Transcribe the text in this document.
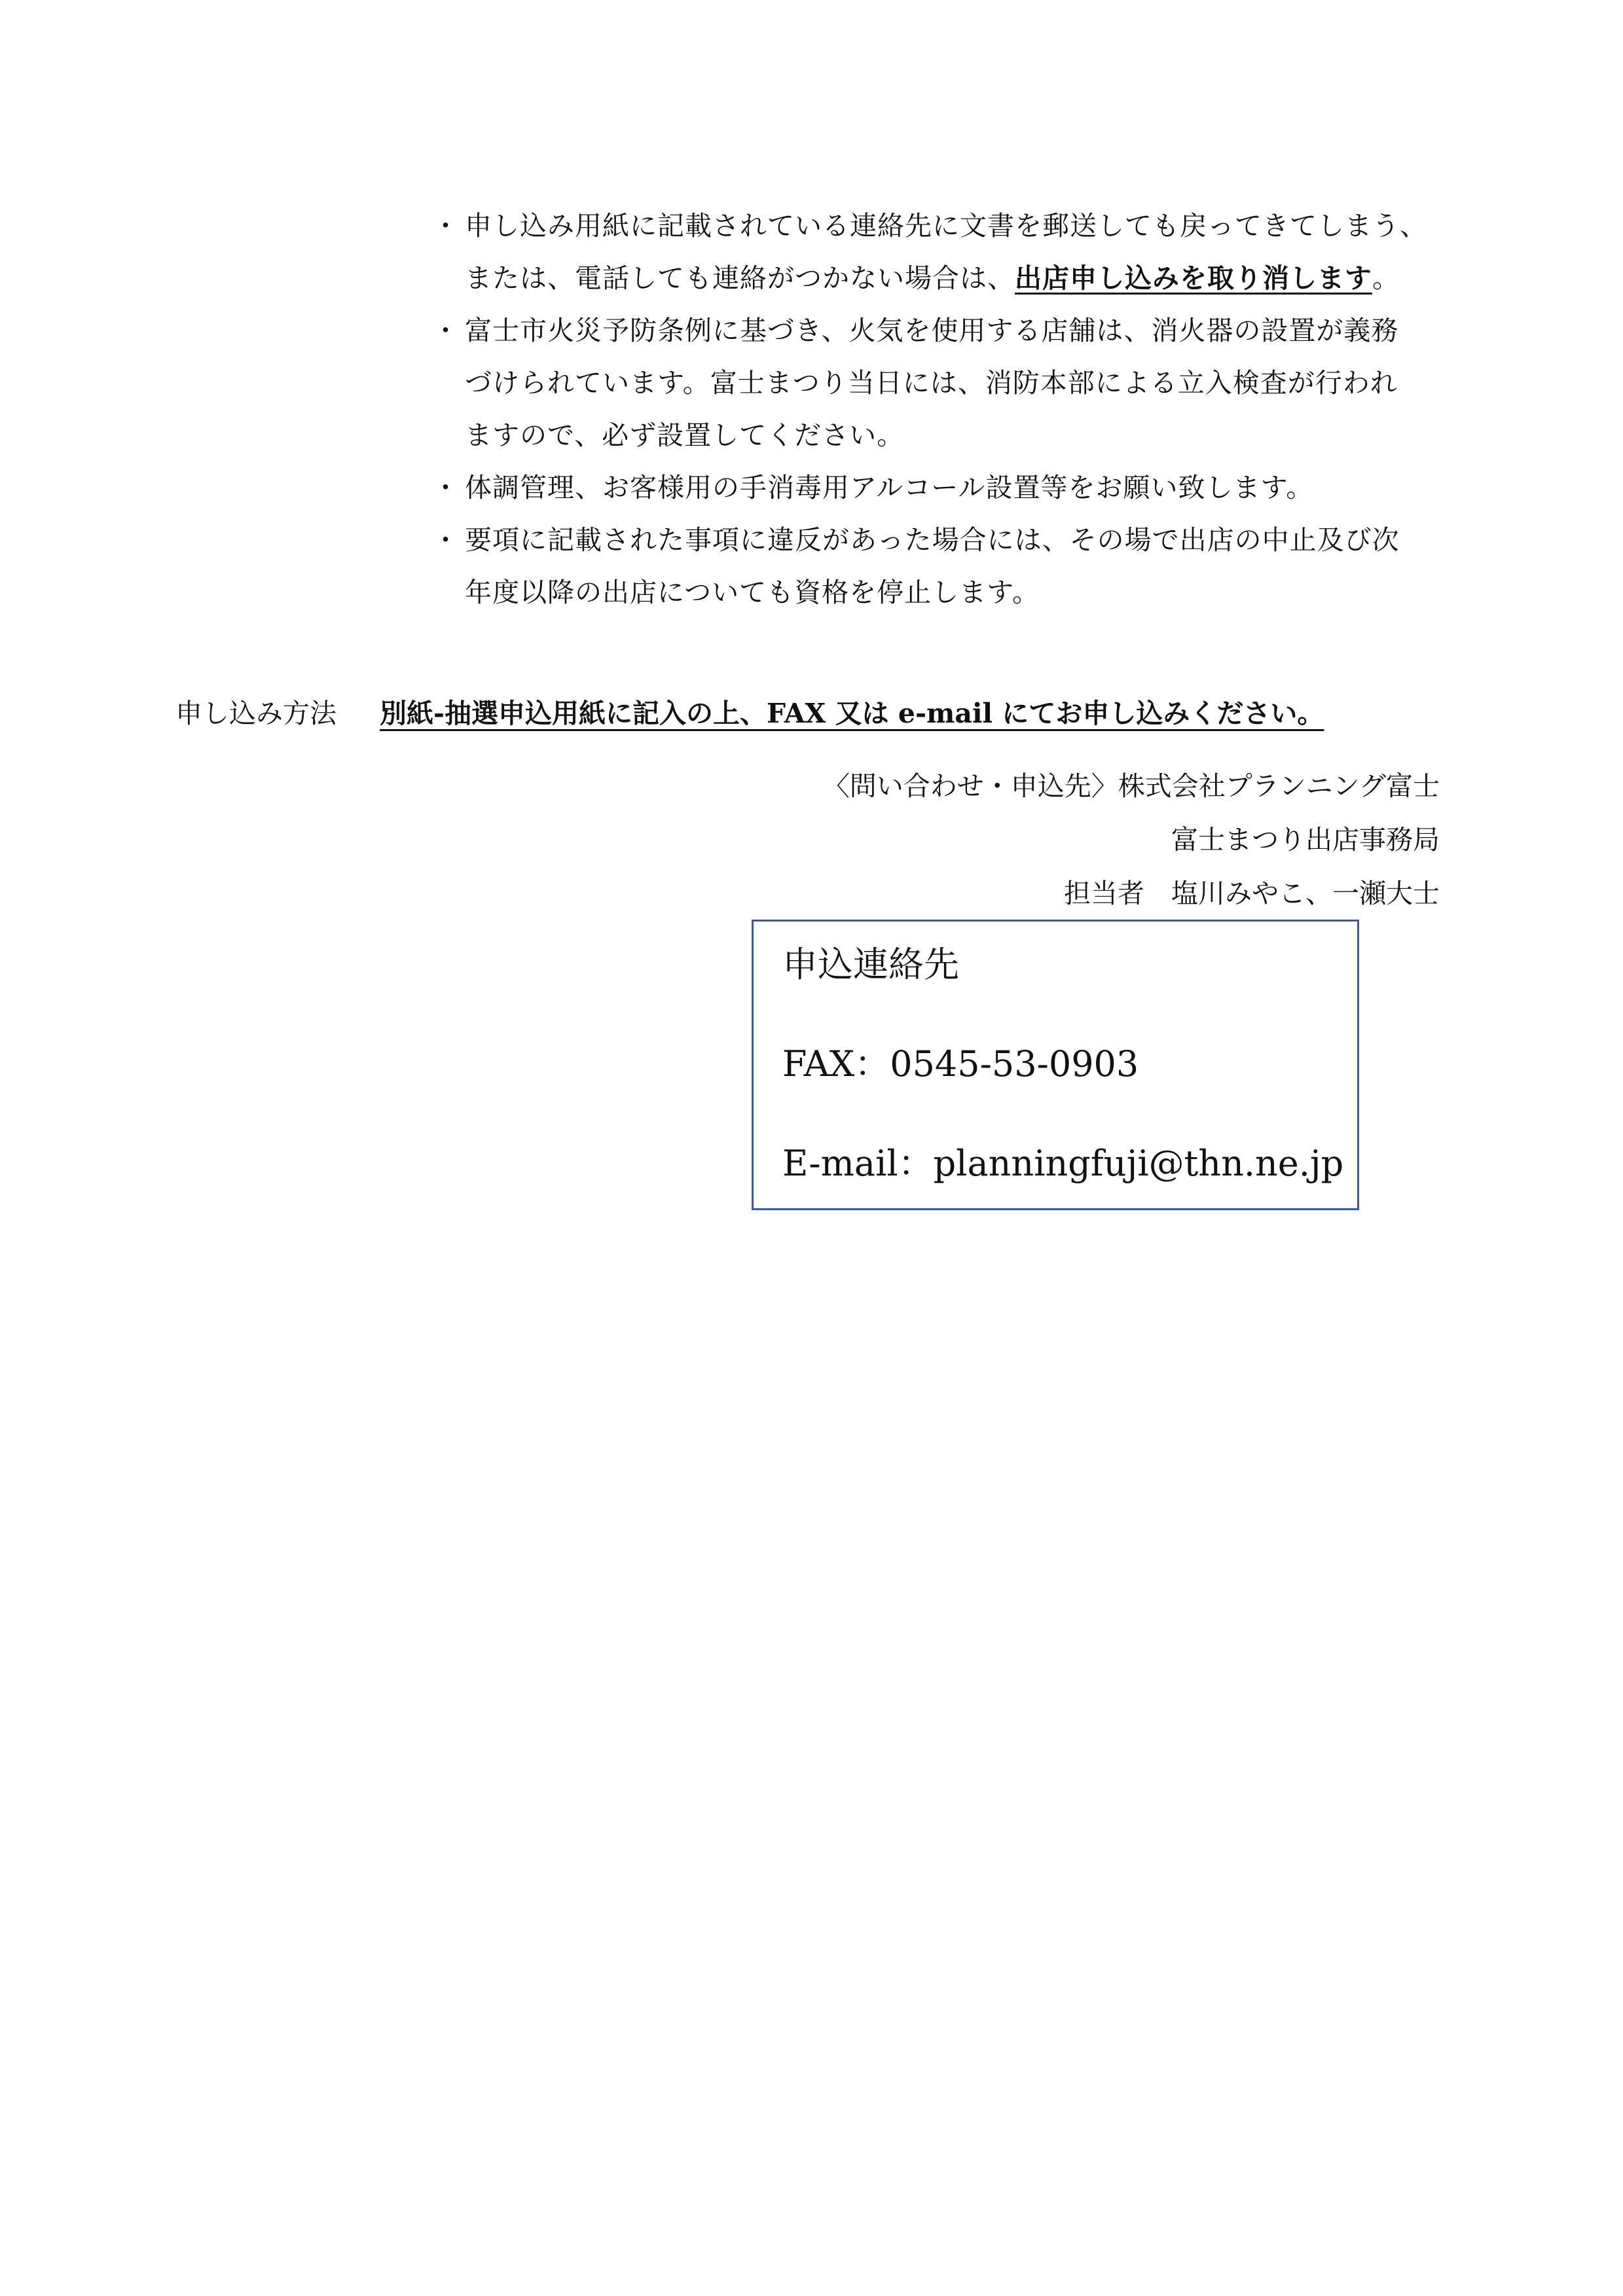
・ 申し込み用紙に記載されている連絡先に文書を郵送しても戻ってきてしまう、
または、電話しても連絡がつかない場合は、出店申し込みを取り消します。
・ 富士市火災予防条例に基づき、火気を使用する店舗は、消火器の設置が義務
づけられています。富士まつり当日には、消防本部による立入検査が行われ
ますので、必ず設置してください。
・ 体調管理、お客様用の手消毒用アルコール設置等をお願い致します。
・ 要項に記載された事項に違反があった場合には、その場で出店の中止及び次
年度以降の出店についても資格を停止します。
申し込み方法 別紙-抽選申込用紙に記入の上、FAX 又は e-mail にてお申し込みください。
〈問い合わせ・申込先〉株式会社プランニング富士
富士まつり出店事務局
担当者　塩川みやこ、一瀬大士
申込連絡先
FAX：0545-53-0903
E-mail：planningfuji@thn.ne.jp
